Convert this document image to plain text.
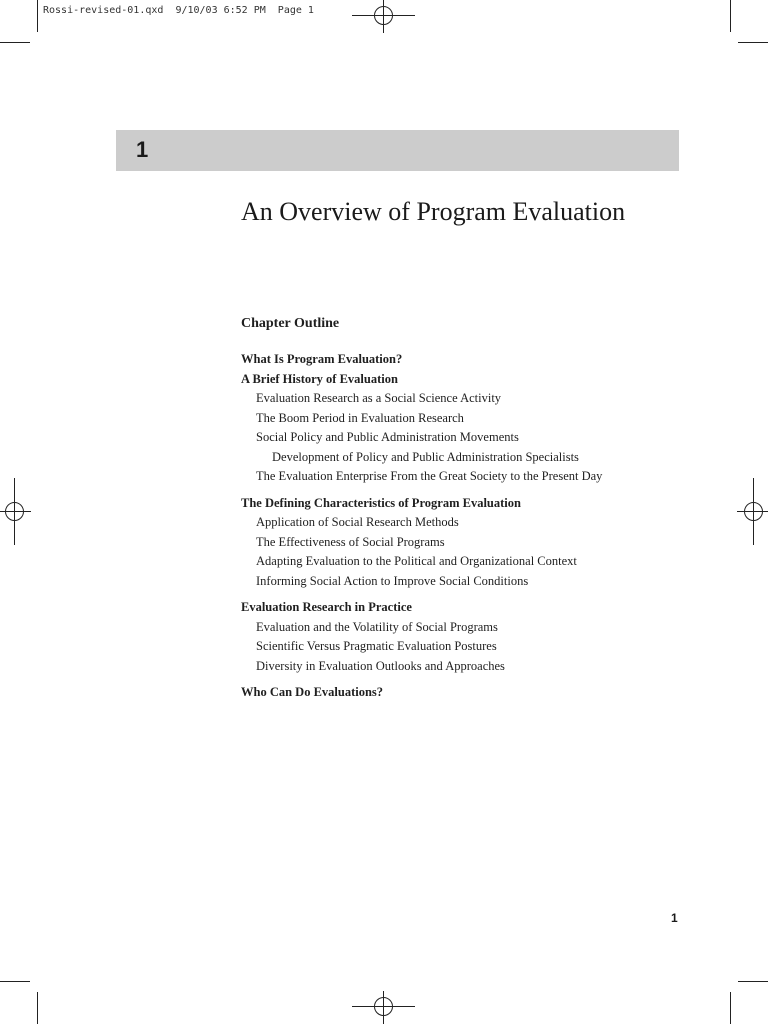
Rossi-revised-01.qxd  9/10/03 6:52 PM  Page 1
1
An Overview of Program Evaluation
Chapter Outline
What Is Program Evaluation?
A Brief History of Evaluation
Evaluation Research as a Social Science Activity
The Boom Period in Evaluation Research
Social Policy and Public Administration Movements
Development of Policy and Public Administration Specialists
The Evaluation Enterprise From the Great Society to the Present Day
The Defining Characteristics of Program Evaluation
Application of Social Research Methods
The Effectiveness of Social Programs
Adapting Evaluation to the Political and Organizational Context
Informing Social Action to Improve Social Conditions
Evaluation Research in Practice
Evaluation and the Volatility of Social Programs
Scientific Versus Pragmatic Evaluation Postures
Diversity in Evaluation Outlooks and Approaches
Who Can Do Evaluations?
1
